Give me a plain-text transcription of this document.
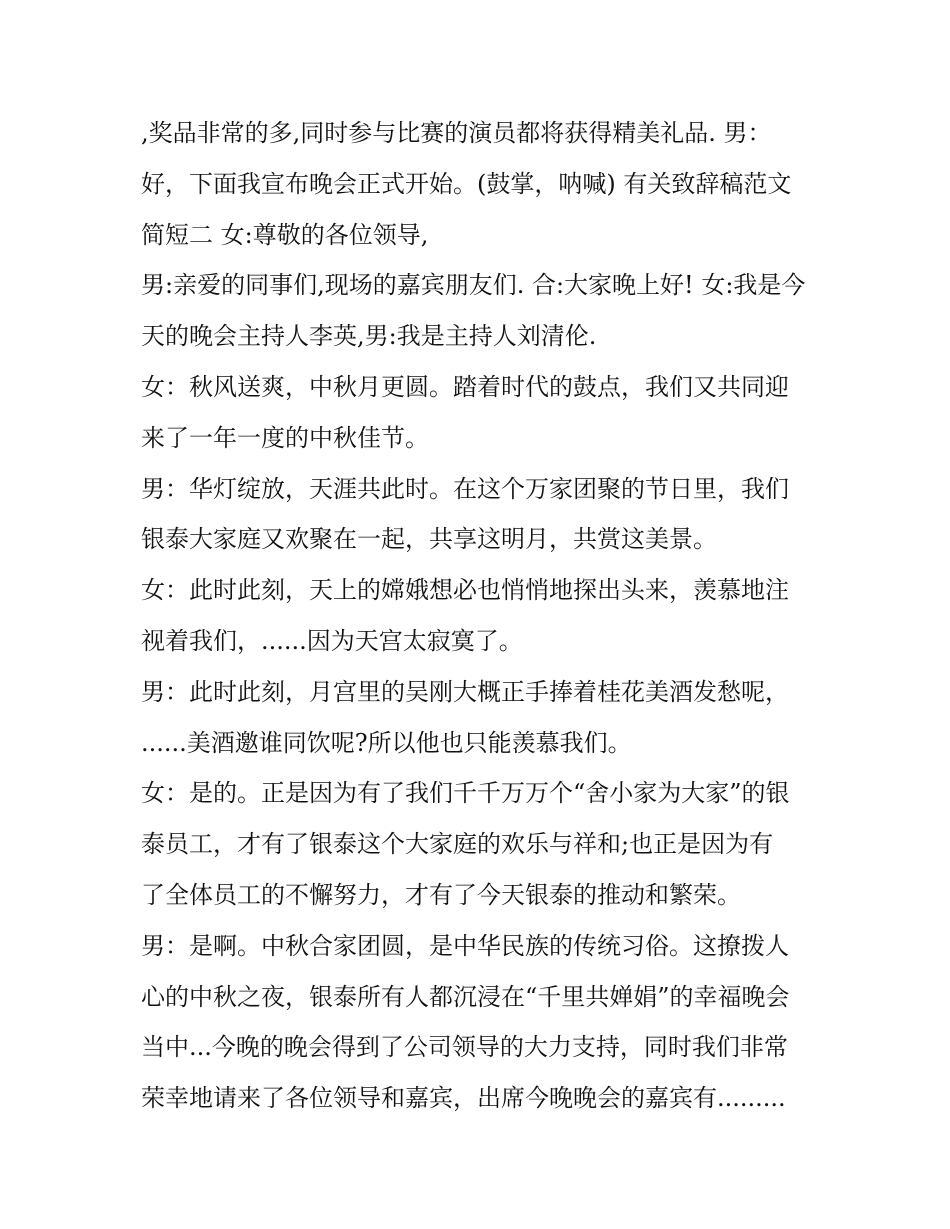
,奖品非常的多,同时参与比赛的演员都将获得精美礼品. 男：
好，下面我宣布晚会正式开始。(鼓掌，呐喊) 有关致辞稿范文
简短二 女:尊敬的各位领导,
男:亲爱的同事们,现场的嘉宾朋友们. 合:大家晚上好! 女:我是今
天的晚会主持人李英,男:我是主持人刘清伦.
女：秋风送爽，中秋月更圆。踏着时代的鼓点，我们又共同迎
来了一年一度的中秋佳节。
男：华灯绽放，天涯共此时。在这个万家团聚的节日里，我们
银泰大家庭又欢聚在一起，共享这明月，共赏这美景。
女：此时此刻，天上的嫦娥想必也悄悄地探出头来，羡慕地注
视着我们，......因为天宫太寂寞了。
男：此时此刻，月宫里的吴刚大概正手捧着桂花美酒发愁呢，
......美酒邀谁同饮呢?所以他也只能羡慕我们。
女：是的。正是因为有了我们千千万万个“舍小家为大家”的银
泰员工，才有了银泰这个大家庭的欢乐与祥和;也正是因为有
了全体员工的不懈努力，才有了今天银泰的推动和繁荣。
男：是啊。中秋合家团圆，是中华民族的传统习俗。这撩拨人
心的中秋之夜，银泰所有人都沉浸在“千里共婵娟”的幸福晚会
当中...今晚的晚会得到了公司领导的大力支持，同时我们非常
荣幸地请来了各位领导和嘉宾，出席今晚晚会的嘉宾有.........
